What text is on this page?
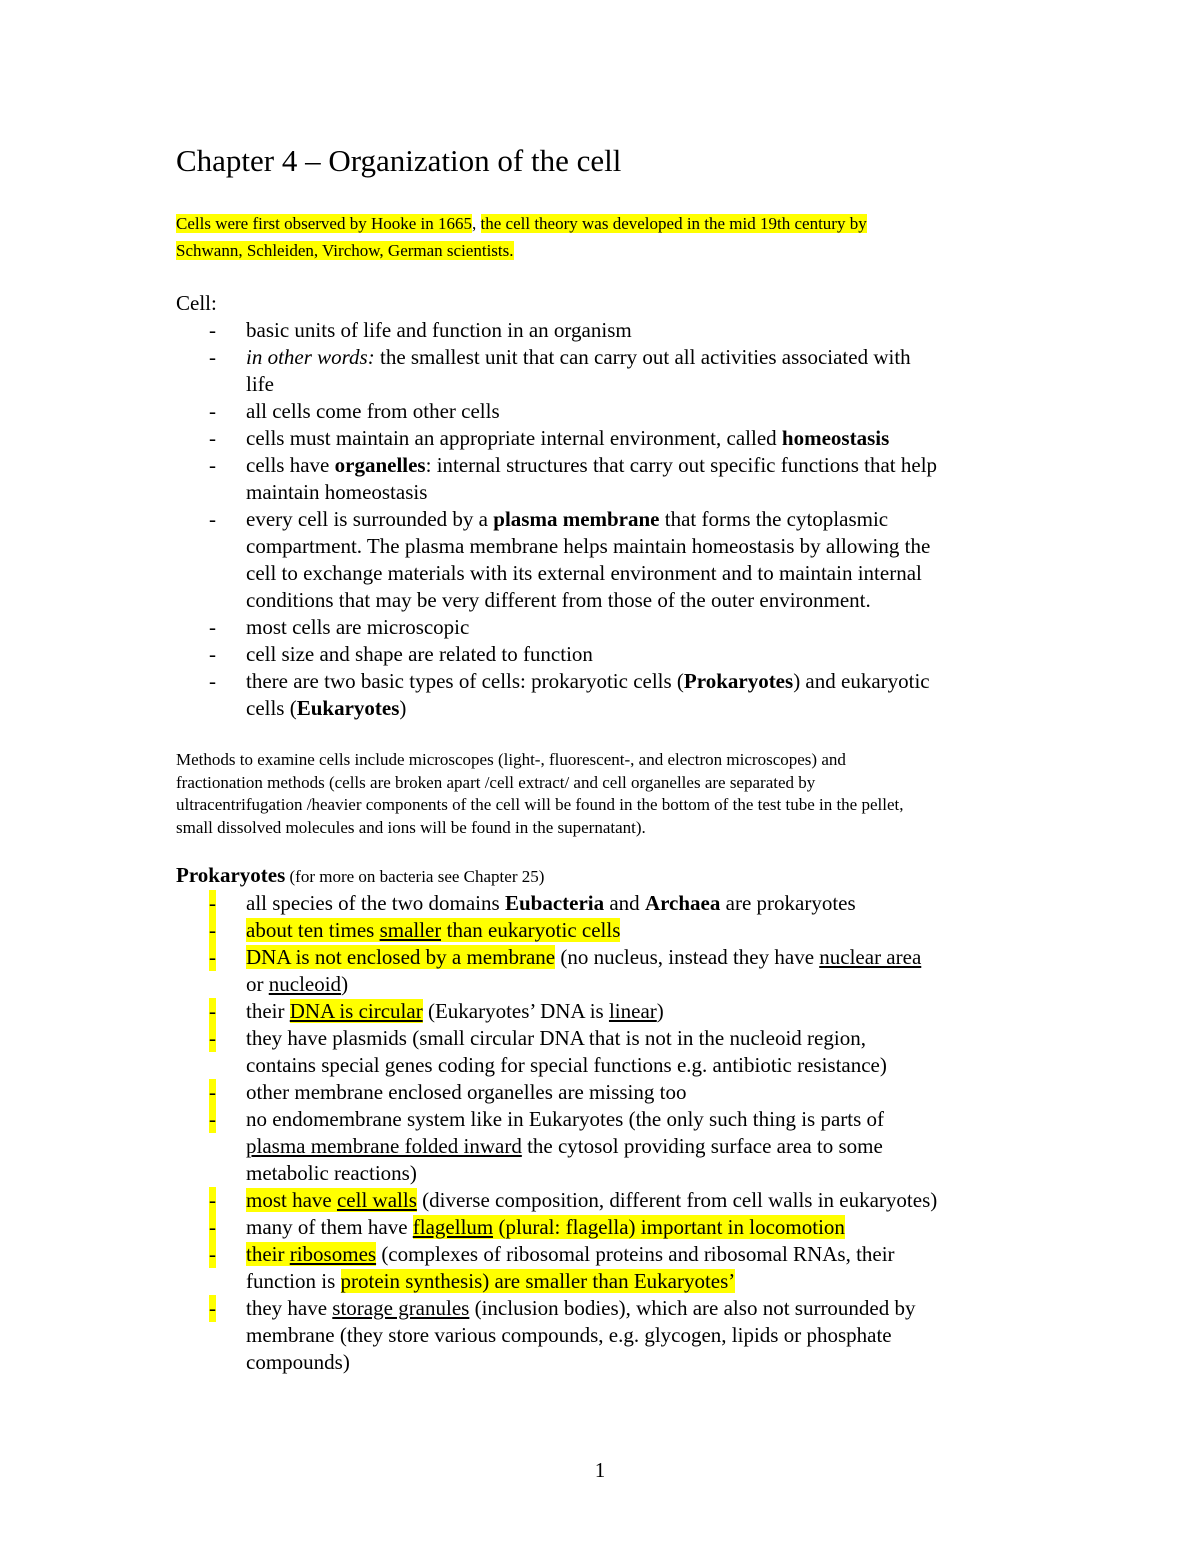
Chapter 4 – Organization of the cell
Cells were first observed by Hooke in 1665, the cell theory was developed in the mid 19th century by
Schwann, Schleiden, Virchow, German scientists.
Cell:
- basic units of life and function in an organism
- in other words: the smallest unit that can carry out all activities associated with
life
- all cells come from other cells
- cells must maintain an appropriate internal environment, called homeostasis
- cells have organelles: internal structures that carry out specific functions that help
maintain homeostasis
- every cell is surrounded by a plasma membrane that forms the cytoplasmic
compartment. The plasma membrane helps maintain homeostasis by allowing the
cell to exchange materials with its external environment and to maintain internal
conditions that may be very different from those of the outer environment.
- most cells are microscopic
- cell size and shape are related to function
- there are two basic types of cells: prokaryotic cells (Prokaryotes) and eukaryotic
cells (Eukaryotes)
Methods to examine cells include microscopes (light-, fluorescent-, and electron microscopes) and
fractionation methods (cells are broken apart /cell extract/ and cell organelles are separated by
ultracentrifugation /heavier components of the cell will be found in the bottom of the test tube in the pellet,
small dissolved molecules and ions will be found in the supernatant).
Prokaryotes (for more on bacteria see Chapter 25)
- all species of the two domains Eubacteria and Archaea are prokaryotes
- about ten times smaller than eukaryotic cells
- DNA is not enclosed by a membrane (no nucleus, instead they have nuclear area
or nucleoid)
- their DNA is circular (Eukaryotes’ DNA is linear)
- they have plasmids (small circular DNA that is not in the nucleoid region,
contains special genes coding for special functions e.g. antibiotic resistance)
- other membrane enclosed organelles are missing too
- no endomembrane system like in Eukaryotes (the only such thing is parts of
plasma membrane folded inward the cytosol providing surface area to some
metabolic reactions)
- most have cell walls (diverse composition, different from cell walls in eukaryotes)
- many of them have flagellum (plural: flagella) important in locomotion
- their ribosomes (complexes of ribosomal proteins and ribosomal RNAs, their
function is protein synthesis) are smaller than Eukaryotes’
- they have storage granules (inclusion bodies), which are also not surrounded by
membrane (they store various compounds, e.g. glycogen, lipids or phosphate
compounds)
1
